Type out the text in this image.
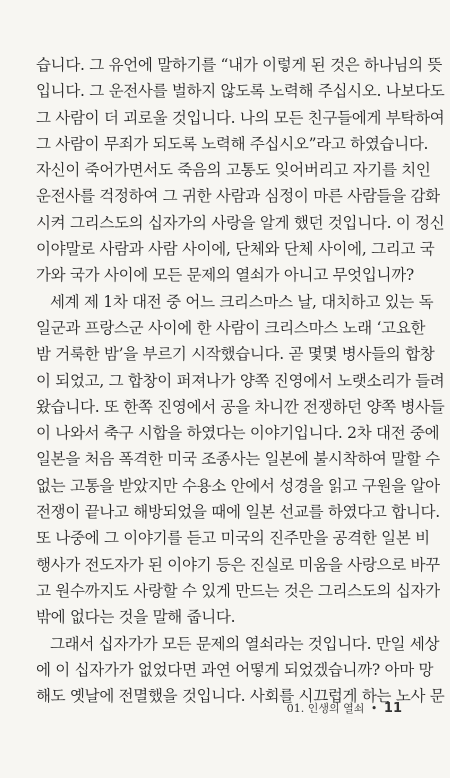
습니다. 그 유언에 말하기를 “내가 이렇게 된 것은 하나님의 뜻
입니다. 그 운전사를 벌하지 않도록 노력해 주십시오. 나보다도
그 사람이 더 괴로울 것입니다. 나의 모든 친구들에게 부탁하여
그 사람이 무죄가 되도록 노력해 주십시오”라고 하였습니다.
자신이 죽어가면서도 죽음의 고통도 잊어버리고 자기를 치인
운전사를 걱정하여 그 귀한 사람과 심정이 마른 사람들을 감화
시켜 그리스도의 십자가의 사랑을 알게 했던 것입니다. 이 정신
이야말로 사람과 사람 사이에, 단체와 단체 사이에, 그리고 국
가와 국가 사이에 모든 문제의 열쇠가 아니고 무엇입니까?
세계 제 1차 대전 중 어느 크리스마스 날, 대치하고 있는 독
일군과 프랑스군 사이에 한 사람이 크리스마스 노래 ‘고요한
밤 거룩한 밤’을 부르기 시작했습니다. 곧 몇몇 병사들의 합창
이 되었고, 그 합창이 퍼져나가 양쪽 진영에서 노랫소리가 들려
왔습니다. 또 한쪽 진영에서 공을 차니깐 전쟁하던 양쪽 병사들
이 나와서 축구 시합을 하였다는 이야기입니다. 2차 대전 중에
일본을 처음 폭격한 미국 조종사는 일본에 불시착하여 말할 수
없는 고통을 받았지만 수용소 안에서 성경을 읽고 구원을 알아
전쟁이 끝나고 해방되었을 때에 일본 선교를 하였다고 합니다.
또 나중에 그 이야기를 듣고 미국의 진주만을 공격한 일본 비
행사가 전도자가 된 이야기 등은 진실로 미움을 사랑으로 바꾸
고 원수까지도 사랑할 수 있게 만드는 것은 그리스도의 십자가
밖에 없다는 것을 말해 줍니다.
그래서 십자가가 모든 문제의 열쇠라는 것입니다. 만일 세상
에 이 십자가가 없었다면 과연 어떻게 되었겠습니까? 아마 망
해도 옛날에 전멸했을 것입니다. 사회를 시끄럽게 하는 노사 문
01. 인생의 열쇠 • 11
